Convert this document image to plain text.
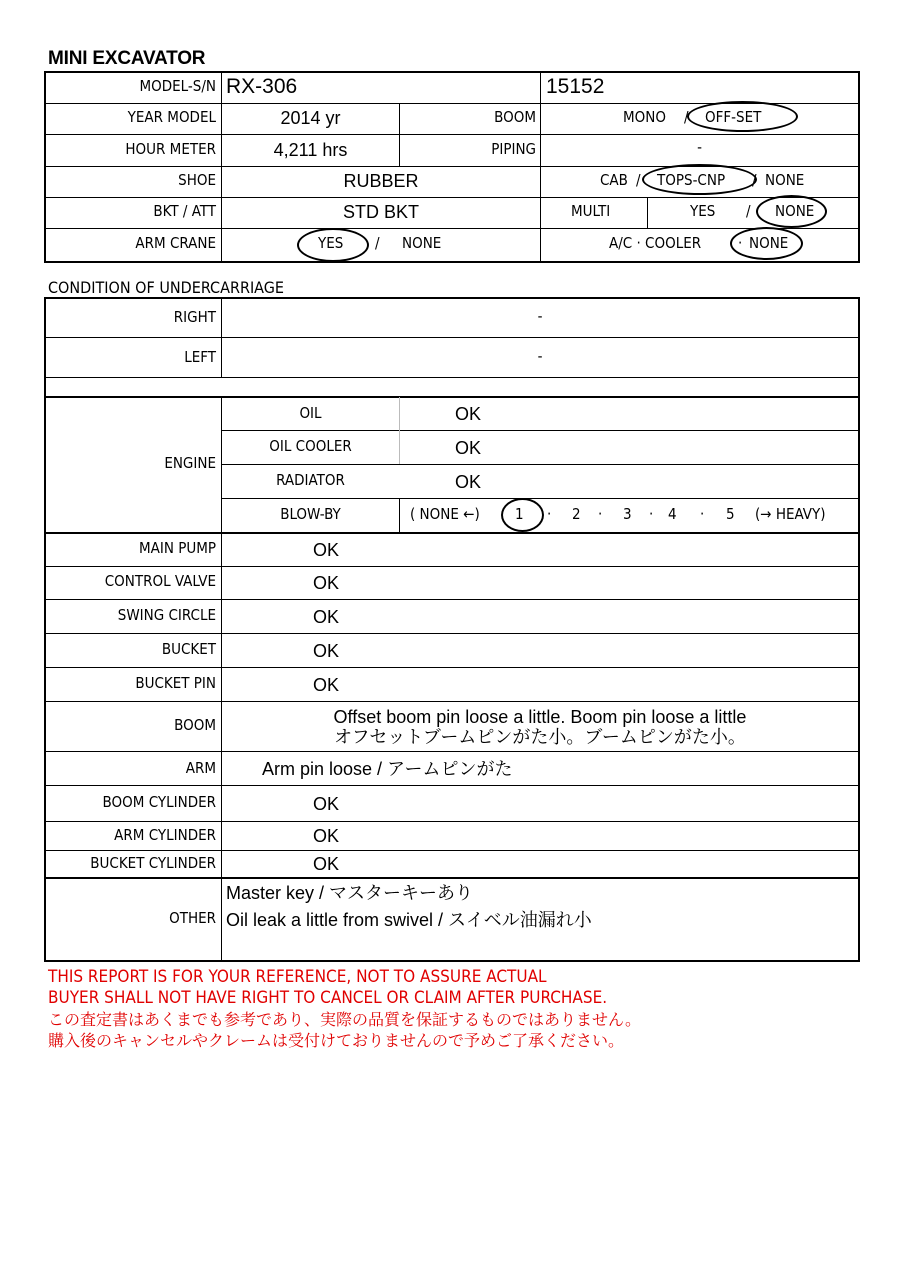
MINI EXCAVATOR
MODEL-S/N RX-306	15152
YEAR MODEL	2014 yr	BOOM	MONO / OFF-SET
HOUR METER	4,211 hrs	PIPING	-
SHOE	RUBBER	CAB / TOPS-CNP / NONE
BKT / ATT	STD BKT	MULTI	YES / NONE
ARM CRANE	YES / NONE	A/C · COOLER · NONE
CONDITION OF UNDERCARRIAGE
RIGHT	-
LEFT	-
ENGINE
OIL	OK
OIL COOLER	OK
RADIATOR	OK
BLOW-BY	( NONE ←) 1 · 2 · 3 · 4 · 5 (→ HEAVY)
MAIN PUMP	OK
CONTROL VALVE	OK
SWING CIRCLE	OK
BUCKET	OK
BUCKET PIN	OK
BOOM	Offset boom pin loose a little. Boom pin loose a little
オフセットブームピンがた小。ブームピンがた小。
ARM	Arm pin loose / アームピンがた
BOOM CYLINDER	OK
ARM CYLINDER	OK
BUCKET CYLINDER	OK
OTHER
Master key / マスターキーあり
Oil leak a little from swivel / スイベル油漏れ小
THIS REPORT IS FOR YOUR REFERENCE, NOT TO ASSURE ACTUAL
BUYER SHALL NOT HAVE RIGHT TO CANCEL OR CLAIM AFTER PURCHASE.
この査定書はあくまでも参考であり、実際の品質を保証するものではありません。
購入後のキャンセルやクレームは受付けておりませんので予めご了承ください。
